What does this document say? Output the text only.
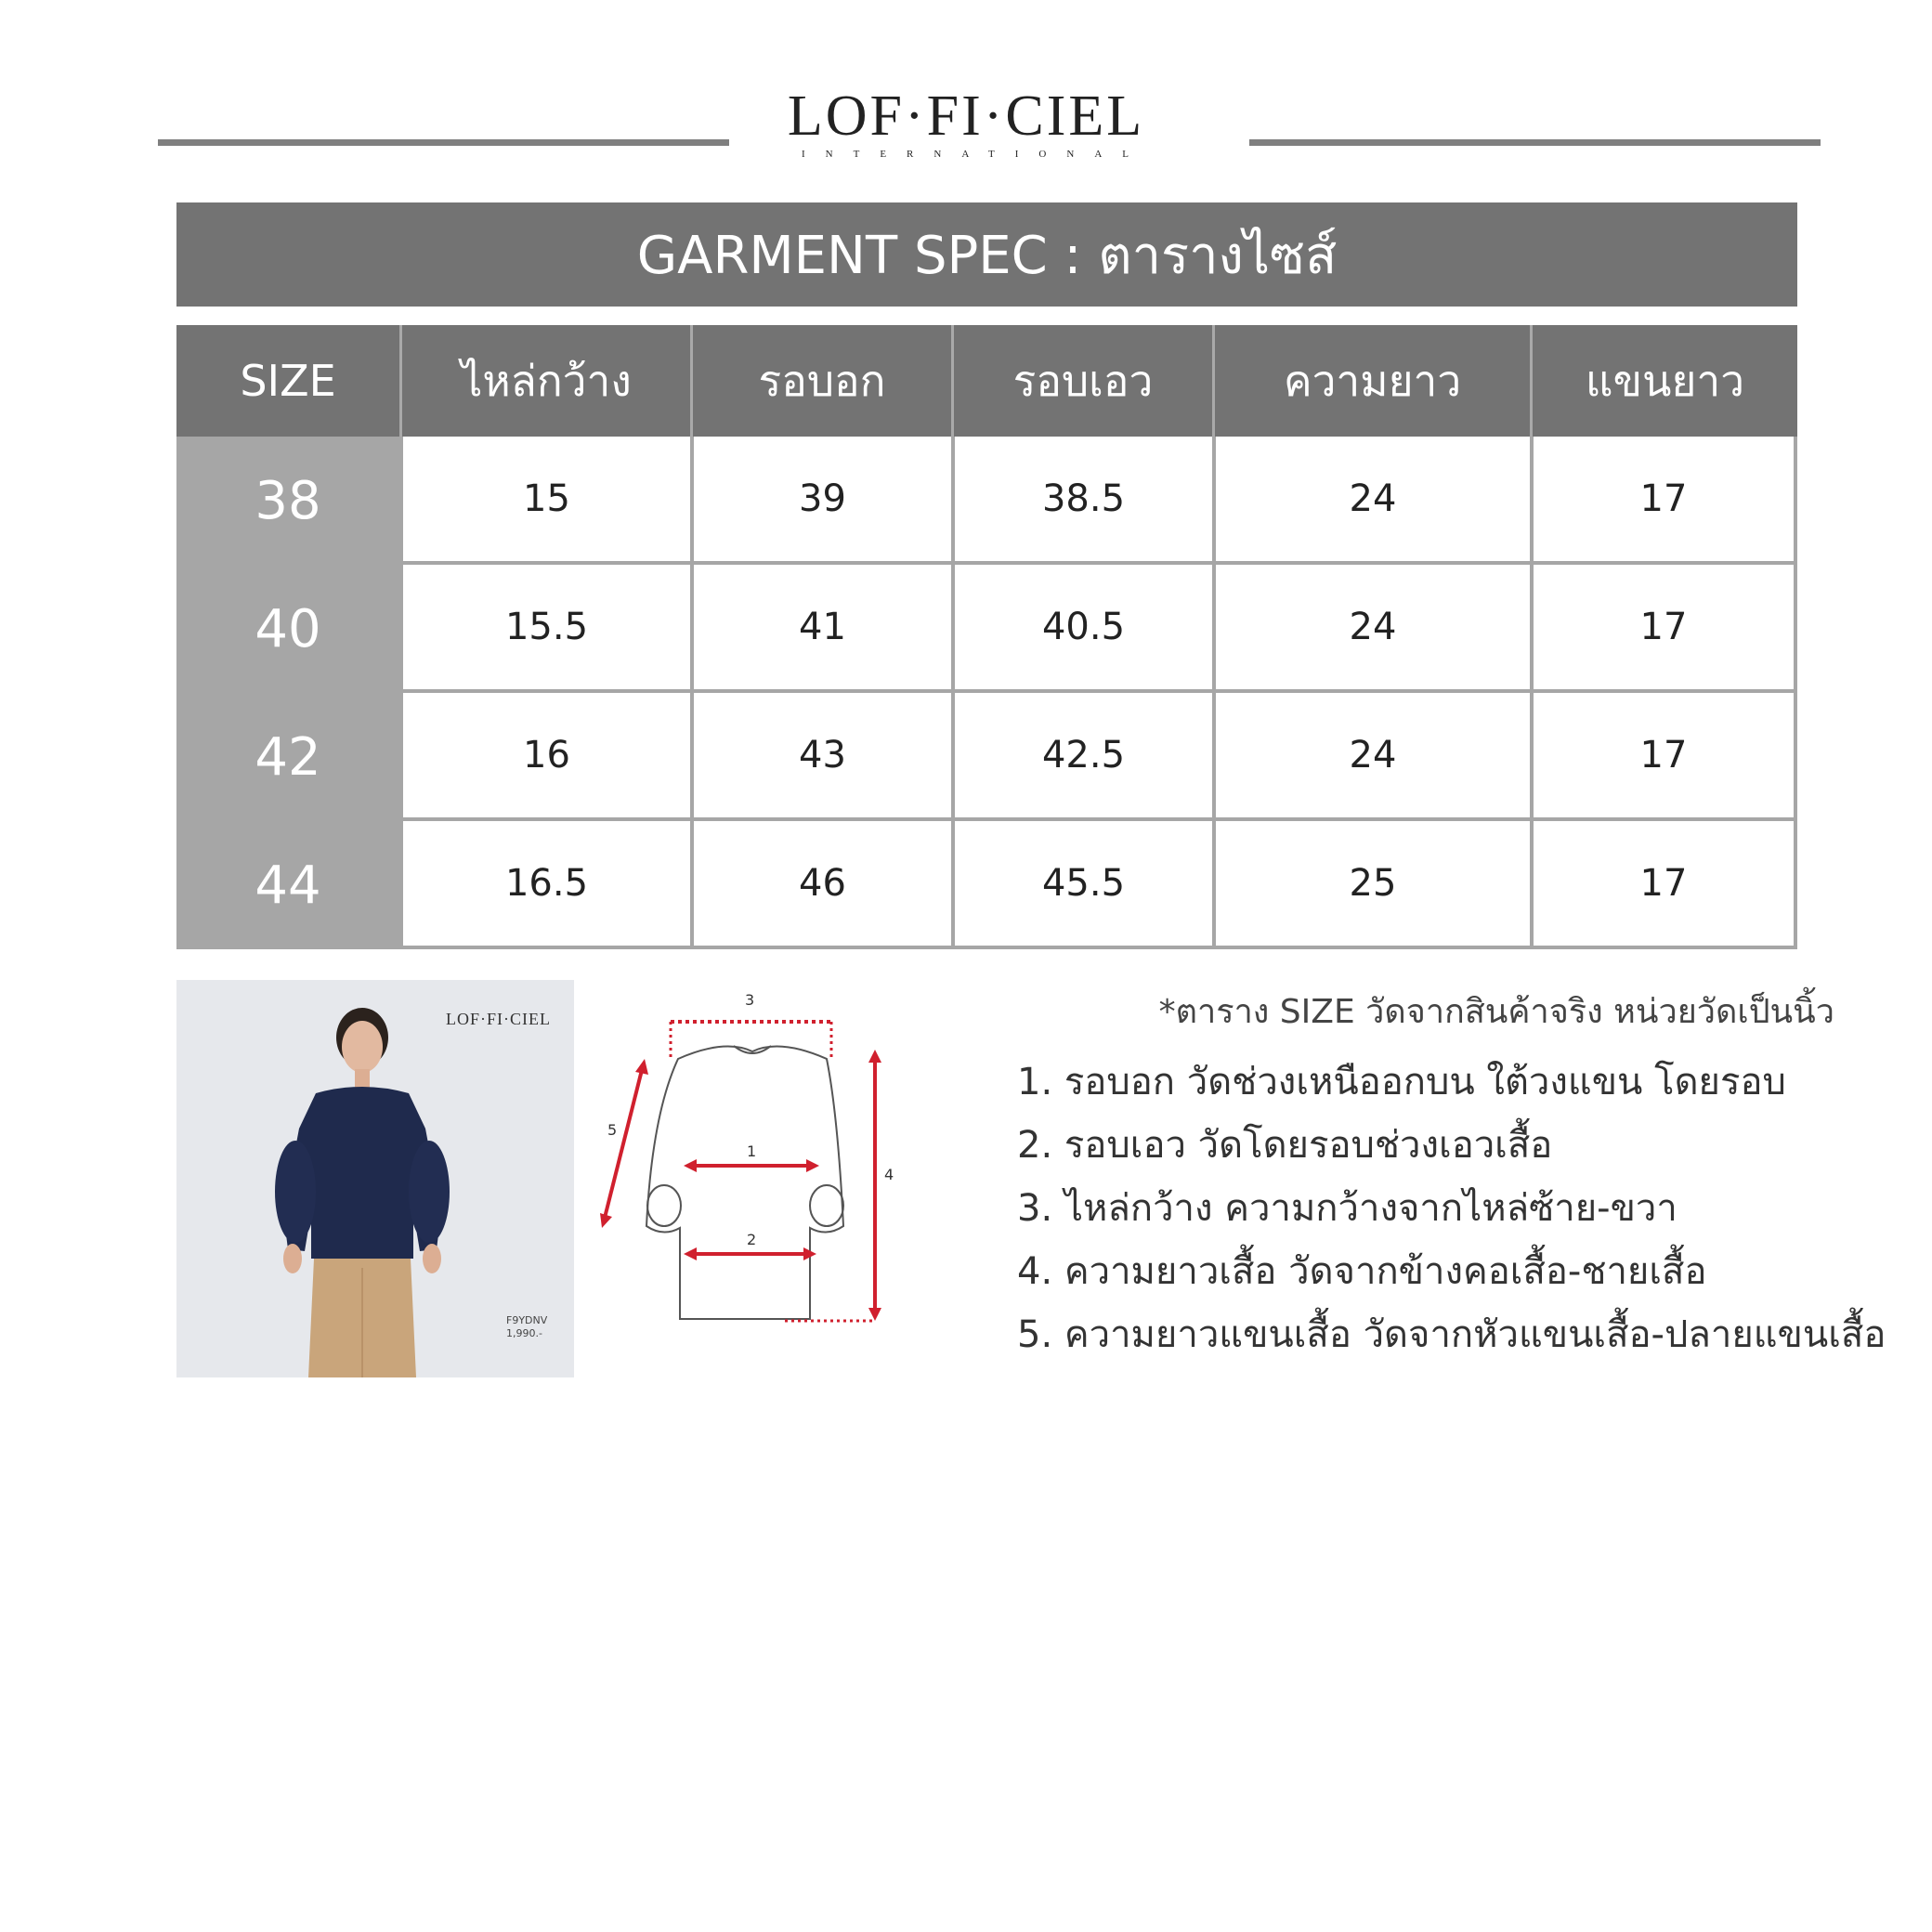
LOF·FI·CIEL
INTERNATIONAL
GARMENT SPEC : ตารางไซส์
SIZE	ไหล่กว้าง	รอบอก	รอบเอว	ความยาว	แขนยาว
38	15	39	38.5	24	17
40	15.5	41	40.5	24	17
42	16	43	42.5	24	17
44	16.5	46	45.5	25	17
LOF·FI·CIEL
F9YDNV
1,990.-
3
1
2
4
5
*ตาราง SIZE วัดจากสินค้าจริง หน่วยวัดเป็นนิ้ว
1. รอบอก วัดช่วงเหนืออกบน ใต้วงแขน โดยรอบ
2. รอบเอว วัดโดยรอบช่วงเอวเสื้อ
3. ไหล่กว้าง ความกว้างจากไหล่ซ้าย-ขวา
4. ความยาวเสื้อ วัดจากข้างคอเสื้อ-ชายเสื้อ
5. ความยาวแขนเสื้อ วัดจากหัวแขนเสื้อ-ปลายแขนเสื้อ
